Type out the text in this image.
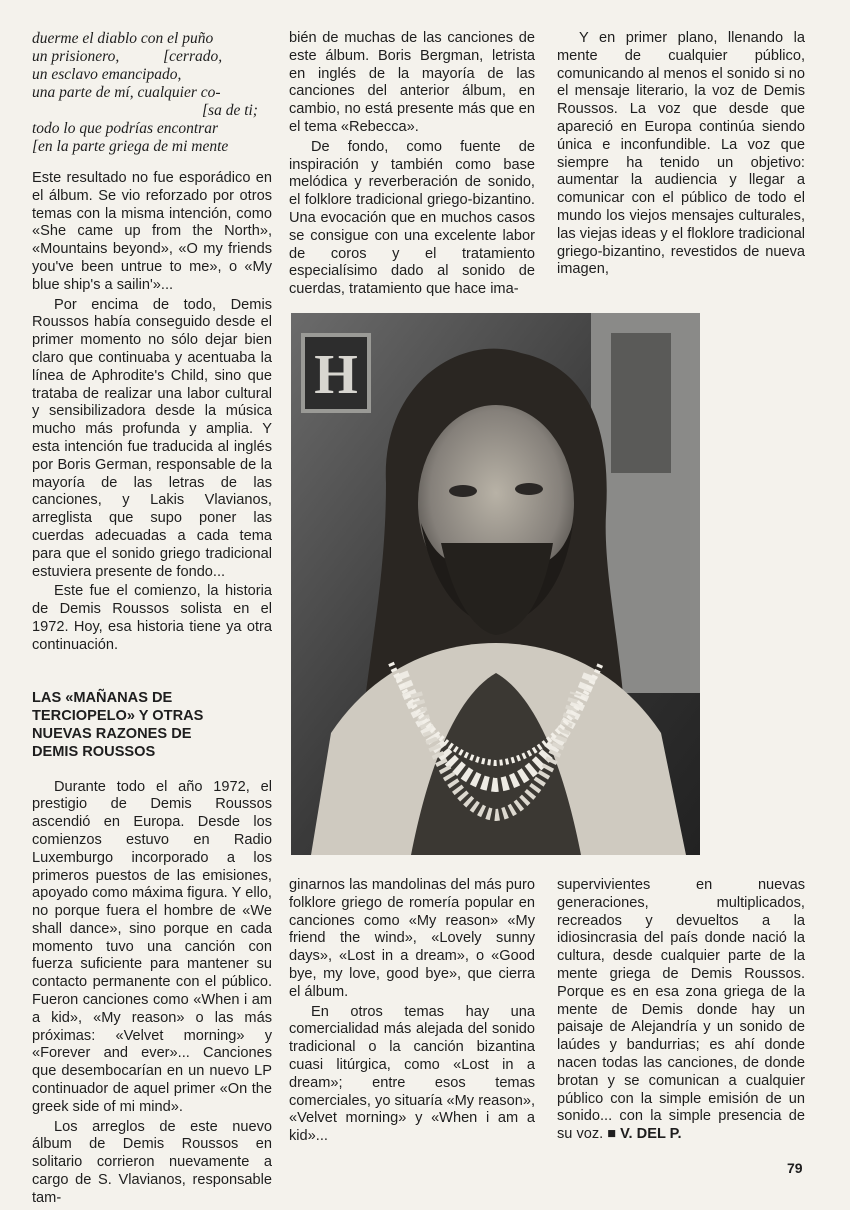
duerme el diablo con el puño
un prisionero,	[cerrado,
un esclavo emancipado,
una parte de mí, cualquier co-
[sa de ti;
todo lo que podrías encontrar
[en la parte griega de mi mente

Este resultado no fue esporádico en el álbum. Se vio reforzado por otros temas con la misma intención, como «She came up from the North», «Mountains beyond», «O my friends you've been untrue to me», o «My blue ship's a sailin'»...

Por encima de todo, Demis Roussos había conseguido desde el primer momento no sólo dejar bien claro que continuaba y acentuaba la línea de Aphrodite's Child, sino que trataba de realizar una labor cultural y sensibilizadora desde la música mucho más profunda y amplia. Y esta intención fue traducida al inglés por Boris German, responsable de la mayoría de las letras de las canciones, y Lakis Vlavianos, arreglista que supo poner las cuerdas adecuadas a cada tema para que el sonido griego tradicional estuviera presente de fondo...

Este fue el comienzo, la historia de Demis Roussos solista en el 1972. Hoy, esa historia tiene ya otra continuación.

LAS «MAÑANAS DE TERCIOPELO» Y OTRAS NUEVAS RAZONES DE DEMIS ROUSSOS

Durante todo el año 1972, el prestigio de Demis Roussos ascendió en Europa. Desde los comienzos estuvo en Radio Luxemburgo incorporado a los primeros puestos de las emisiones, apoyado como máxima figura. Y ello, no porque fuera el hombre de «We shall dance», sino porque en cada momento tuvo una canción con fuerza suficiente para mantener su contacto permanente con el público. Fueron canciones como «When i am a kid», «My reason» o las más próximas: «Velvet morning» y «Forever and ever»... Canciones que desembocarían en un nuevo LP continuador de aquel primer «On the greek side of mi mind».

Los arreglos de este nuevo álbum de Demis Roussos en solitario corrieron nuevamente a cargo de S. Vlavianos, responsable tam-

bién de muchas de las canciones de este álbum. Boris Bergman, letrista en inglés de la mayoría de las canciones del anterior álbum, en cambio, no está presente más que en el tema «Rebecca».

De fondo, como fuente de inspiración y también como base melódica y reverberación de sonido, el folklore tradicional griego-bizantino. Una evocación que en muchos casos se consigue con una excelente labor de coros y el tratamiento especialísimo dado al sonido de cuerdas, tratamiento que hace ima-

Y en primer plano, llenando la mente de cualquier público, comunicando al menos el sonido si no el mensaje literario, la voz de Demis Roussos. La voz que desde que apareció en Europa continúa siendo única e inconfundible. La voz que siempre ha tenido un objetivo: aumentar la audiencia y llegar a comunicar con el público de todo el mundo los viejos mensajes culturales, las viejas ideas y el floklore tradicional griego-bizantino, revestidos de nueva imagen,

H

ginarnos las mandolinas del más puro folklore griego de romería popular en canciones como «My reason» «My friend the wind», «Lovely sunny days», «Lost in a dream», o «Good bye, my love, good bye», que cierra el álbum.

En otros temas hay una comercialidad más alejada del sonido tradicional o la canción bizantina cuasi litúrgica, como «Lost in a dream»; entre esos temas comerciales, yo situaría «My reason», «Velvet morning» y «When i am a kid»...

supervivientes en nuevas generaciones, multiplicados, recreados y devueltos a la idiosincrasia del país donde nació la cultura, desde cualquier parte de la mente griega de Demis Roussos. Porque es en esa zona griega de la mente de Demis donde hay un paisaje de Alejandría y un sonido de laúdes y bandurrias; es ahí donde nacen todas las canciones, de donde brotan y se comunican a cualquier público con la simple emisión de un sonido... con la simple presencia de su voz. ■ V. DEL P.

79
